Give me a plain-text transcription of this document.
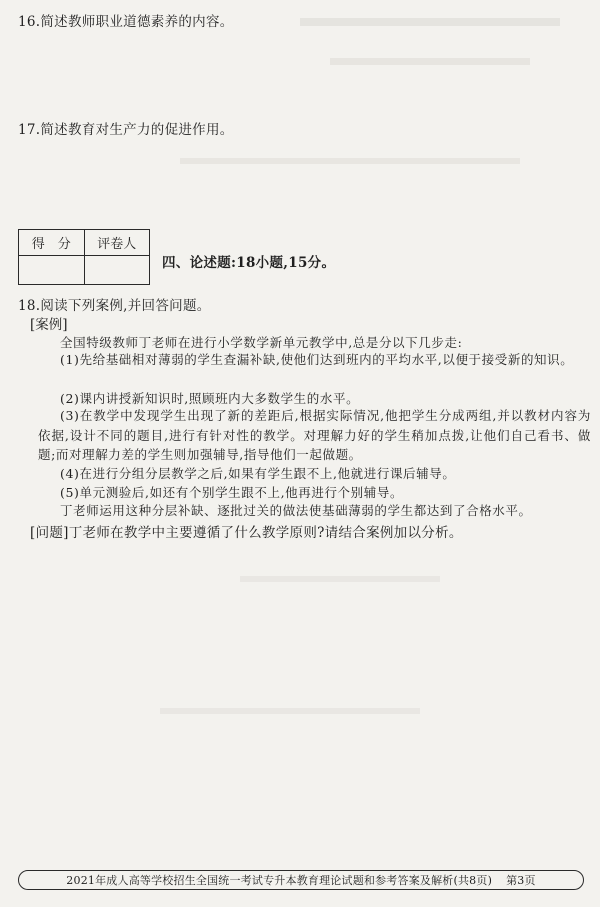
16.简述教师职业道德素养的内容。
17.简述教育对生产力的促进作用。
得　分	评卷人

四、论述题:18小题,15分。
18.阅读下列案例,并回答问题。
[案例]
全国特级教师丁老师在进行小学数学新单元教学中,总是分以下几步走:
(1)先给基础相对薄弱的学生查漏补缺,使他们达到班内的平均水平,以便于接受新的知识。
(2)课内讲授新知识时,照顾班内大多数学生的水平。
(3)在教学中发现学生出现了新的差距后,根据实际情况,他把学生分成两组,并以教材内容为依据,设计不同的题目,进行有针对性的教学。对理解力好的学生稍加点拨,让他们自己看书、做题;而对理解力差的学生则加强辅导,指导他们一起做题。
(4)在进行分组分层教学之后,如果有学生跟不上,他就进行课后辅导。
(5)单元测验后,如还有个别学生跟不上,他再进行个别辅导。
丁老师运用这种分层补缺、逐批过关的做法使基础薄弱的学生都达到了合格水平。
[问题]丁老师在教学中主要遵循了什么教学原则?请结合案例加以分析。
2021年成人高等学校招生全国统一考试专升本教育理论试题和参考答案及解析(共8页) 第3页
